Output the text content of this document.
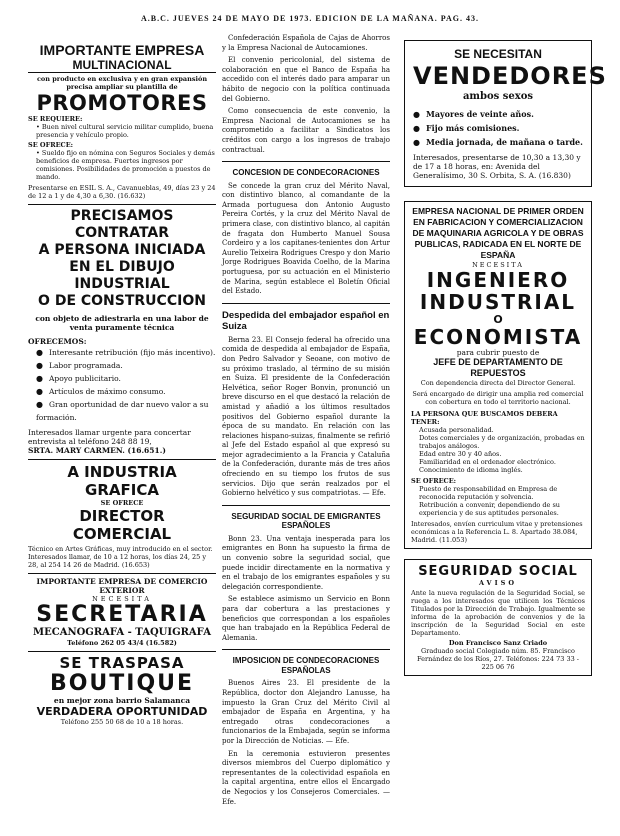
A.B.C. JUEVES 24 DE MAYO DE 1973. EDICION DE LA MAÑANA. PAG. 43.
IMPORTANTE EMPRESA
MULTINACIONAL
con producto en exclusiva y en gran expansión precisa ampliar su plantilla de
PROMOTORES
SE REQUIERE:
• Buen nivel cultural servicio militar cumplido, buena presencia y vehículo propio.
SE OFRECE:
• Sueldo fijo en nómina con Seguros Sociales y demás beneficios de empresa. Fuertes ingresos por comisiones. Posibilidades de promoción a puestos de mando.
Presentarse en ESIL S. A., Cavanueblas, 49, días 23 y 24 de 12 a 1 y de 4,30 a 6,30. (16.632)
PRECISAMOS CONTRATAR
A PERSONA INICIADA
EN EL DIBUJO INDUSTRIAL
O DE CONSTRUCCION
con objeto de adiestrarla en una labor de venta puramente técnica
OFRECEMOS:
● Interesante retribución (fijo más incentivo).
● Labor programada.
● Apoyo publicitario.
● Artículos de máximo consumo.
● Gran oportunidad de dar nuevo valor a su formación.
Interesados llamar urgente para concertar entrevista al teléfono 248 88 19,
SRTA. MARY CARMEN. (16.651.)
A INDUSTRIA GRAFICA
SE OFRECE
DIRECTOR COMERCIAL
Técnico en Artes Gráficas, muy introducido en el sector. Interesados llamar, de 10 a 12 horas, los días 24, 25 y 28, al 254 14 26 de Madrid. (16.653)
IMPORTANTE EMPRESA DE COMERCIO EXTERIOR
NECESITA
SECRETARIA
MECANOGRAFA - TAQUIGRAFA
Teléfono 262 05 43/4 (16.582)
SE TRASPASA
BOUTIQUE
en mejor zona barrio Salamanca
VERDADERA OPORTUNIDAD
Teléfono 255 50 68 de 10 a 18 horas.

Confederación Española de Cajas de Ahorros y la Empresa Nacional de Autocamiones.

El convenio pericolonial, del sistema de colaboración en que el Banco de España ha accedido con el interés dado para amparar un hábito de negocio con la política continuada del Gobierno.

Como consecuencia de este convenio, la Empresa Nacional de Autocamiones se ha comprometido a facilitar a Sindicatos los créditos con cargo a los ingresos de trabajo contractual.

CONCESION DE CONDECORACIONES

Se concede la gran cruz del Mérito Naval, con distintivo blanco, al comandante de la Armada portuguesa don Antonio Augusto Pereira Cortés, y la cruz del Mérito Naval de primera clase, con distintivo blanco, al capitán de fragata don Humberto Manuel Sousa Cordeiro y a los capitanes-tenientes don Artur Aurelio Teixeira Rodrigues Crespo y don Mario Jorge Rodrigues Boavida Coelho, de la Marina portuguesa, por su actuación en el Ministerio de Marina, según establece el Boletín Oficial del Estado.

Despedida del embajador español en Suiza

Berna 23. El Consejo federal ha ofrecido una comida de despedida al embajador de España, don Pedro Salvador y Seoane, con motivo de su próximo traslado, al término de su misión en Suiza. El presidente de la Confederación Helvética, señor Roger Bonvin, pronunció un breve discurso en el que destacó la relación de amistad y añadió a los últimos resultados positivos del Gobierno español durante la época de su mandato. En relación con las relaciones hispano-suizas, finalmente se refirió al Jefe del Estado español al que expresó su mejor agradecimiento a la Francia y Cataluña de la Confederación, durante más de tres años ofreciendo en su tiempo los frutos de sus servicios. Dijo que serán realzados por el Gobierno helvético y sus compatriotas. — Efe.

SEGURIDAD SOCIAL DE EMIGRANTES ESPAÑOLES

Bonn 23. Una ventaja inesperada para los emigrantes en Bonn ha supuesto la firma de un convenio sobre la seguridad social, que puede incidir directamente en la normativa y en el trabajo de los emigrantes españoles y su delegación correspondiente.

Se establece asimismo un Servicio en Bonn para dar cobertura a las prestaciones y beneficios que correspondan a los españoles que han trabajado en la República Federal de Alemania.

IMPOSICION DE CONDECORACIONES ESPAÑOLAS

Buenos Aires 23. El presidente de la República, doctor don Alejandro Lanusse, ha impuesto la Gran Cruz del Mérito Civil al embajador de España en Argentina, y ha entregado otras condecoraciones a funcionarios de la Embajada, según se informa por la Dirección de Noticias. — Efe.

En la ceremonia estuvieron presentes diversos miembros del Cuerpo diplomático y representantes de la colectividad española en la capital argentina, entre ellos el Encargado de Negocios y los Consejeros Comerciales. — Efe.

SE NECESITAN
VENDEDORES
ambos sexos
● Mayores de veinte años.
● Fijo más comisiones.
● Media jornada, de mañana o tarde.
Interesados, presentarse de 10,30 a 13,30 y de 17 a 18 horas, en: Avenida del Generalísimo, 30 S. Orbita, S. A. (16.830)
EMPRESA NACIONAL DE PRIMER ORDEN EN FABRICACION Y COMERCIALIZACION DE MAQUINARIA AGRICOLA Y DE OBRAS PUBLICAS, RADICADA EN EL NORTE DE ESPAÑA
NECESITA
INGENIERO
INDUSTRIAL
O
ECONOMISTA
para cubrir puesto de
JEFE DE DEPARTAMENTO DE REPUESTOS
Con dependencia directa del Director General.
Será encargado de dirigir una amplia red comercial con cobertura en todo el territorio nacional.
LA PERSONA QUE BUSCAMOS DEBERA TENER:
Acusada personalidad.
Dotes comerciales y de organización, probadas en trabajos análogos.
Edad entre 30 y 40 años.
Familiaridad en el ordenador electrónico.
Conocimiento de idioma inglés.
SE OFRECE:
Puesto de responsabilidad en Empresa de reconocida reputación y solvencia.
Retribución a convenir, dependiendo de su experiencia y de sus aptitudes personales.
Interesados, envíen curriculum vitae y pretensiones económicas a la Referencia L. 8. Apartado 38.084, Madrid. (11.053)
SEGURIDAD SOCIAL
AVISO
Ante la nueva regulación de la Seguridad Social, se ruega a los interesados que utilicen los Técnicos Titulados por la Dirección de Trabajo. Igualmente se informa de la aprobación de convenios y de la inscripción de la Seguridad Social en este Departamento.
Don Francisco Sanz Criado
Graduado social Colegiado núm. 85. Francisco Fernández de los Ríos, 27. Teléfonos: 224 73 33 - 225 06 76
